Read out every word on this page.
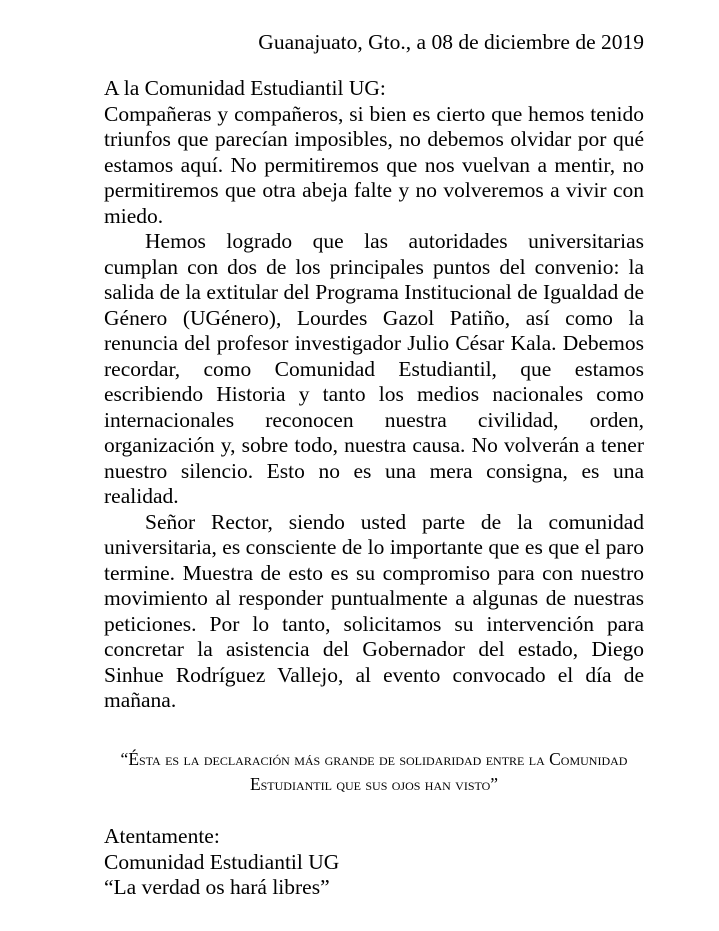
Guanajuato, Gto., a 08 de diciembre de 2019

A la Comunidad Estudiantil UG:

Compañeras y compañeros, si bien es cierto que hemos tenido triunfos que parecían imposibles, no debemos olvidar por qué estamos aquí. No permitiremos que nos vuelvan a mentir, no permitiremos que otra abeja falte y no volveremos a vivir con miedo.

Hemos logrado que las autoridades universitarias cumplan con dos de los principales puntos del convenio: la salida de la extitular del Programa Institucional de Igualdad de Género (UGénero), Lourdes Gazol Patiño, así como la renuncia del profesor investigador Julio César Kala. Debemos recordar, como Comunidad Estudiantil, que estamos escribiendo Historia y tanto los medios nacionales como internacionales reconocen nuestra civilidad, orden, organización y, sobre todo, nuestra causa. No volverán a tener nuestro silencio. Esto no es una mera consigna, es una realidad.

Señor Rector, siendo usted parte de la comunidad universitaria, es consciente de lo importante que es que el paro termine. Muestra de esto es su compromiso para con nuestro movimiento al responder puntualmente a algunas de nuestras peticiones. Por lo tanto, solicitamos su intervención para concretar la asistencia del Gobernador del estado, Diego Sinhue Rodríguez Vallejo, al evento convocado el día de mañana.

“Ésta es la declaración más grande de solidaridad entre la Comunidad Estudiantil que sus ojos han visto”
Atentamente:
Comunidad Estudiantil UG
“La verdad os hará libres”
